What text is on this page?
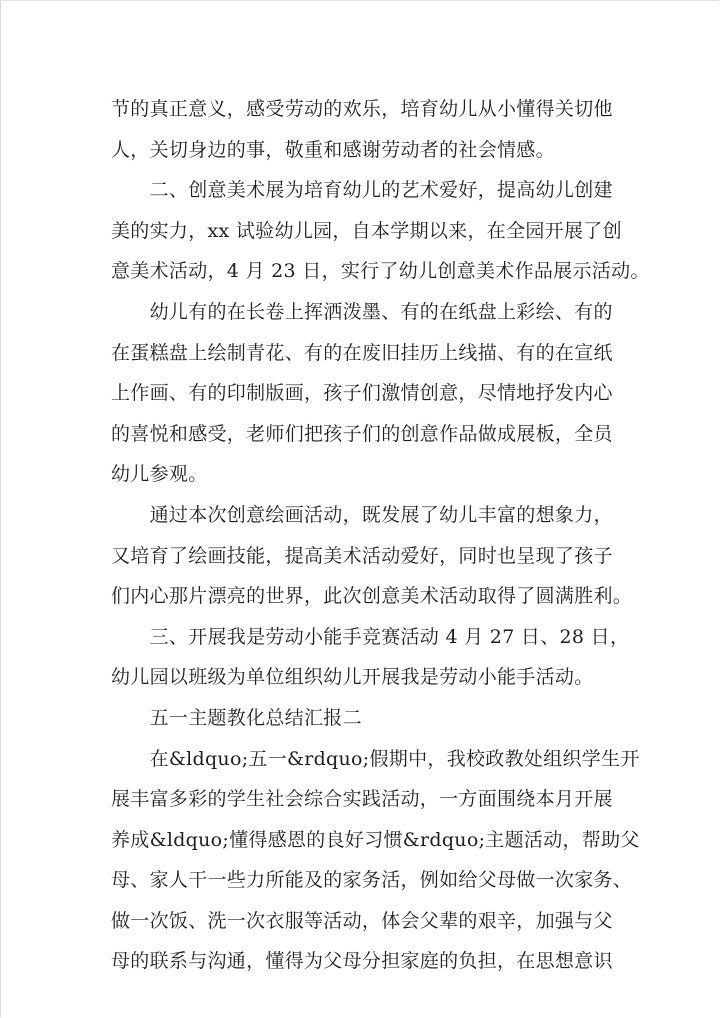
节的真正意义，感受劳动的欢乐，培育幼儿从小懂得关切他
人，关切身边的事，敬重和感谢劳动者的社会情感。
　　二、创意美术展为培育幼儿的艺术爱好，提高幼儿创建
美的实力，xx 试验幼儿园，自本学期以来，在全园开展了创
意美术活动，4 月 23 日，实行了幼儿创意美术作品展示活动。
　　幼儿有的在长卷上挥洒泼墨、有的在纸盘上彩绘、有的
在蛋糕盘上绘制青花、有的在废旧挂历上线描、有的在宣纸
上作画、有的印制版画，孩子们激情创意，尽情地抒发内心
的喜悦和感受，老师们把孩子们的创意作品做成展板，全员
幼儿参观。
　　通过本次创意绘画活动，既发展了幼儿丰富的想象力，
又培育了绘画技能，提高美术活动爱好，同时也呈现了孩子
们内心那片漂亮的世界，此次创意美术活动取得了圆满胜利。
　　三、开展我是劳动小能手竞赛活动 4 月 27 日、28 日，
幼儿园以班级为单位组织幼儿开展我是劳动小能手活动。
　　五一主题教化总结汇报二
　　在&ldquo;五一&rdquo;假期中，我校政教处组织学生开
展丰富多彩的学生社会综合实践活动，一方面围绕本月开展
养成&ldquo;懂得感恩的良好习惯&rdquo;主题活动，帮助父
母、家人干一些力所能及的家务活，例如给父母做一次家务、
做一次饭、洗一次衣服等活动，体会父辈的艰辛，加强与父
母的联系与沟通，懂得为父母分担家庭的负担，在思想意识
